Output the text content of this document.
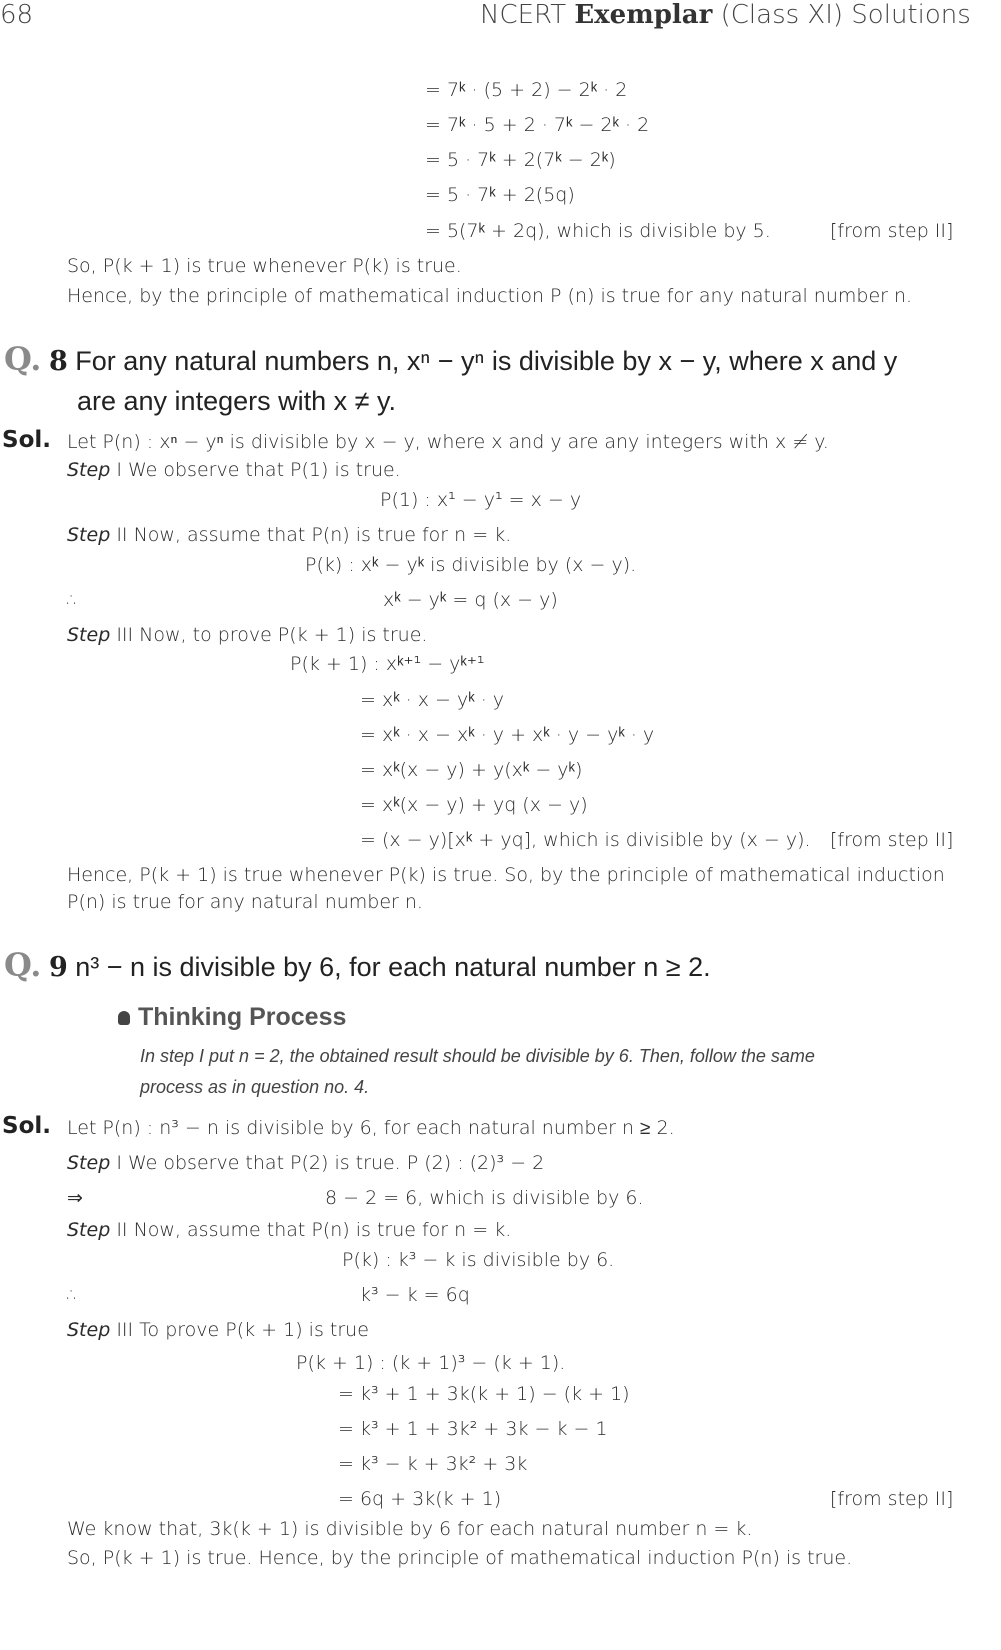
68	NCERT Exemplar (Class XI) Solutions
= 7ᵏ · (5 + 2) − 2ᵏ · 2
= 7ᵏ · 5 + 2 · 7ᵏ − 2ᵏ · 2
= 5 · 7ᵏ + 2(7ᵏ − 2ᵏ)
= 5 · 7ᵏ + 2(5q)
= 5(7ᵏ + 2q), which is divisible by 5.	[from step II]
So, P(k + 1) is true whenever P(k) is true.
Hence, by the principle of mathematical induction P (n) is true for any natural number n.
Q. 8 For any natural numbers n, xⁿ − yⁿ is divisible by x − y, where x and y
are any integers with x ≠ y.
Sol. Let P(n) : xⁿ − yⁿ is divisible by x − y, where x and y are any integers with x ≠ y.
Step I We observe that P(1) is true.
P(1) : x¹ − y¹ = x − y
Step II Now, assume that P(n) is true for n = k.
P(k) : xᵏ − yᵏ is divisible by (x − y).
∴	xᵏ − yᵏ = q (x − y)
Step III Now, to prove P(k + 1) is true.
P(k + 1) : xᵏ⁺¹ − yᵏ⁺¹
= xᵏ · x − yᵏ · y
= xᵏ · x − xᵏ · y + xᵏ · y − yᵏ · y
= xᵏ(x − y) + y(xᵏ − yᵏ)
= xᵏ(x − y) + yq (x − y)
= (x − y)[xᵏ + yq], which is divisible by (x − y). [from step II]
Hence, P(k + 1) is true whenever P(k) is true. So, by the principle of mathematical induction
P(n) is true for any natural number n.
Q. 9 n³ − n is divisible by 6, for each natural number n ≥ 2.
Thinking Process
In step I put n = 2, the obtained result should be divisible by 6. Then, follow the same
process as in question no. 4.
Sol. Let P(n) : n³ − n is divisible by 6, for each natural number n ≥ 2.
Step I We observe that P(2) is true. P (2) : (2)³ − 2
⇒	8 − 2 = 6, which is divisible by 6.
Step II Now, assume that P(n) is true for n = k.
P(k) : k³ − k is divisible by 6.
∴	k³ − k = 6q
Step III To prove P(k + 1) is true
P(k + 1) : (k + 1)³ − (k + 1).
= k³ + 1 + 3k(k + 1) − (k + 1)
= k³ + 1 + 3k² + 3k − k − 1
= k³ − k + 3k² + 3k
= 6q + 3k(k + 1)	[from step II]
We know that, 3k(k + 1) is divisible by 6 for each natural number n = k.
So, P(k + 1) is true. Hence, by the principle of mathematical induction P(n) is true.
